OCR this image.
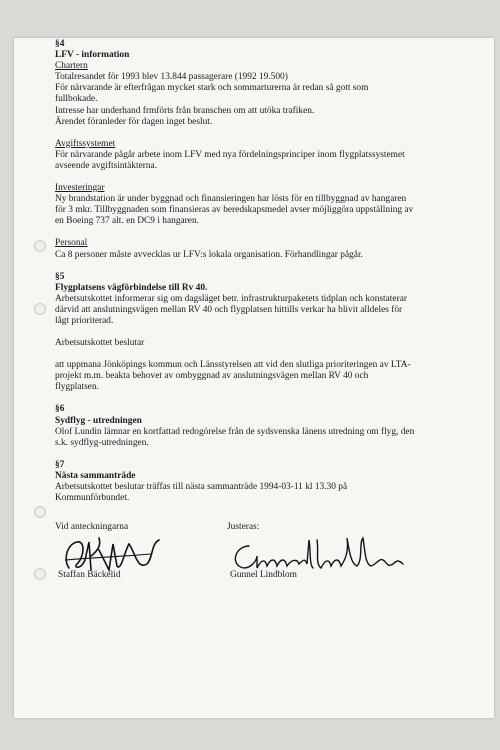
§4

LFV - information

Chartern

Totalresandet för 1993 blev 13.844 passagerare (1992 19.500)

För närvarande är efterfrågan mycket stark och sommarturerna är redan så gott som

fullbokade.

Intresse har underhand frmförts från branschen om att utöka trafiken.

Ärendet föranleder för dagen inget beslut.

Avgiftssystemet

För närvarande pågår arbete inom LFV med nya fördelningsprinciper inom flygplatssystemet

avseende avgiftsintäkterna.

Investeringar

Ny brandstation är under byggnad och finansieringen har lösts för en tillbyggnad av hangaren

för 3 mkr. Tillbyggnaden som finansieras av beredskapsmedel avser möjliggöra uppställning av

en Boeing 737 alt. en DC9 i hangaren.

Personal

Ca 8 personer måste avvecklas ur LFV:s lokala organisation. Förhandlingar pågår.

§5

Flygplatsens vägförbindelse till Rv 40.

Arbetsutskottet informerar sig om dagsläget betr. infrastrukturpaketets tidplan och konstaterar

därvid att anslutningsvägen mellan RV 40 och flygplatsen hittills verkar ha blivit alldeles för

lågt prioriterad.

Arbetsutskottet beslutar

att uppmana Jönköpings kommun och Länsstyrelsen att vid den slutliga prioriteringen av LTA-

projekt m.m. beakta behovet av ombyggnad av anslutningsvägen mellan RV 40 och

flygplatsen.

§6

Sydflyg - utredningen

Olof Lundin lämnar en kortfattad redogörelse från de sydsvenska länens utredning om flyg, den

s.k. sydflyg-utredningen.

§7

Nästa sammanträde

Arbetsutskottet beslutar träffas till nästa sammanträde 1994-03-11 kl 13.30 på

Kommunförbundet.

Vid anteckningarna

Staffan Bäckelid

Justeras:

Gunnel Lindblom
